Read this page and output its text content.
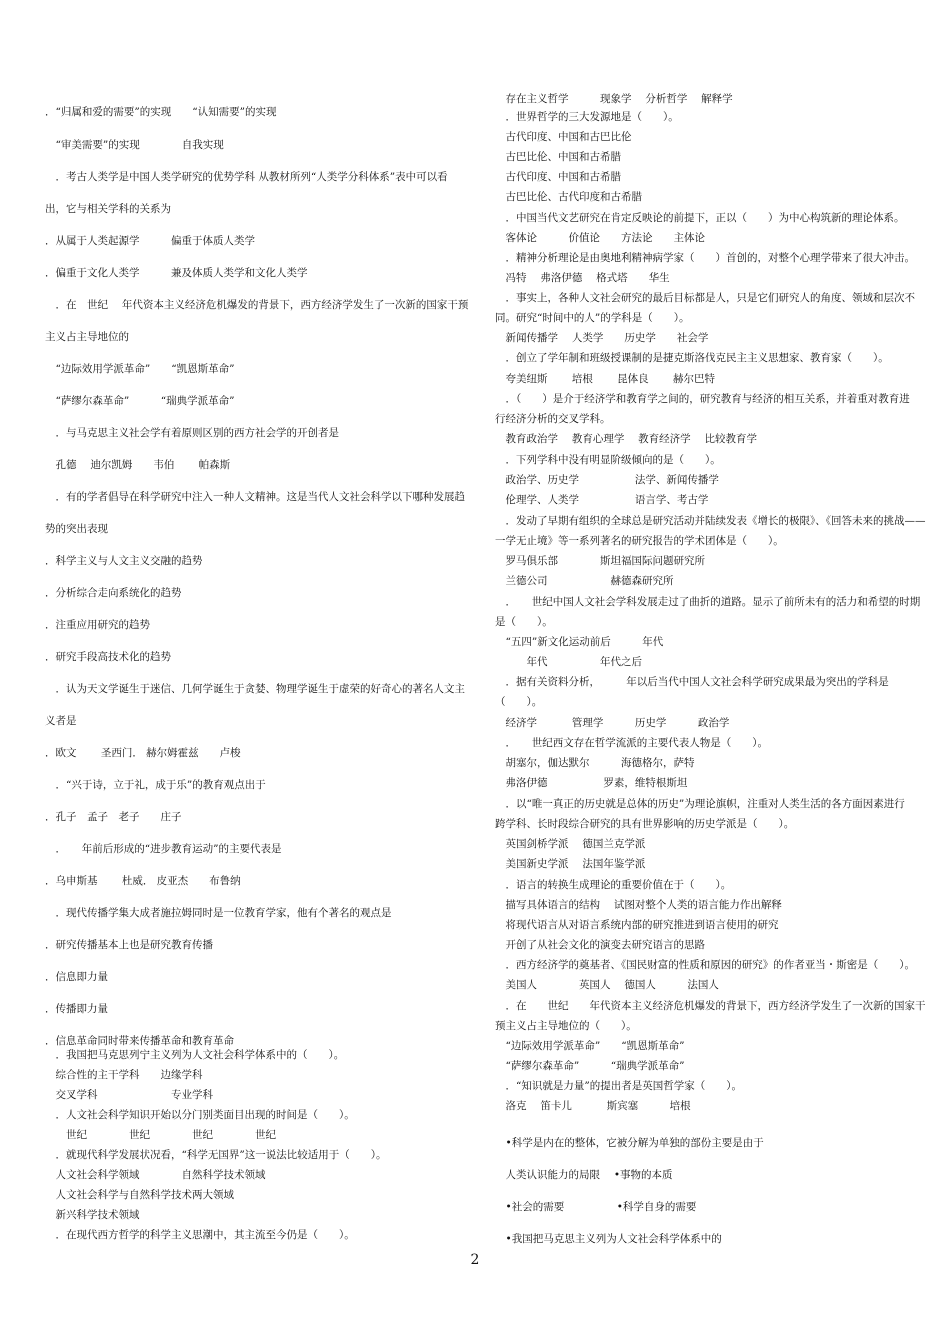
．“归属和爱的需要”的实现　　“认知需要”的实现

　“审美需要”的实现　　　　自我实现

　．考古人类学是中国人类学研究的优势学科 从教材所列“人类学分科体系”表中可以看

出，它与相关学科的关系为

．从属于人类起源学　　　偏重于体质人类学

．偏重于文化人类学　　　兼及体质人类学和文化人类学

　．在　世纪　 年代资本主义经济危机爆发的背景下，西方经济学发生了一次新的国家干预

主义占主导地位的

　“边际效用学派革命”　　“凯恩斯革命”

　“萨缪尔森革命”　　　“瑞典学派革命”

　．与马克思主义社会学有着原则区别的西方社会学的开创者是

　孔德　 迪尔凯姆　　韦伯　　 帕森斯

　．有的学者倡导在科学研究中注入一种人文精神。这是当代人文社会科学以下哪种发展趋

势的突出表现

．科学主义与人文主义交融的趋势

．分析综合走向系统化的趋势

．注重应用研究的趋势

．研究手段高技术化的趋势

　．认为天文学诞生于迷信、几何学诞生于贪婪、物理学诞生于虚荣的好奇心的著名人文主

义者是

．欧文　　 圣西门． 赫尔姆霍兹　　卢梭

　．“兴于诗，立于礼，成于乐”的教育观点出于

．孔子　孟子　老子　　庄子

　．　　年前后形成的“进步教育运动”的主要代表是

．乌申斯基　　 杜威． 皮亚杰　　布鲁纳

　．现代传播学集大成者施拉姆同时是一位教育学家，他有个著名的观点是

．研究传播基本上也是研究教育传播

．信息即力量

．传播即力量

．信息革命同时带来传播革命和教育革命

　．我国把马克思列宁主义列为人文社会科学体系中的（　　）。

　综合性的主干学科　　边缘学科

　交叉学科　　　　　　　专业学科

　．人文社会科学知识开始以分门别类面目出现的时间是（　　）。

　　世纪　　　　世纪　　　　世纪　　　　世纪

　．就现代科学发展状况看，“科学无国界”这一说法比较适用于（　　）。

　人文社会科学领域　　　　自然科学技术领域

　人文社会科学与自然科学技术两大领域

　新兴科学技术领域

　．在现代西方哲学的科学主义思潮中，其主流至今仍是（　　）。

　存在主义哲学　　　现象学　 分析哲学　 解释学

　．世界哲学的三大发源地是（　　）。

　古代印度、中国和古巴比伦

　古巴比伦、中国和古希腊

　古代印度、中国和古希腊

　古巴比伦、古代印度和古希腊

　．中国当代文艺研究在肯定反映论的前提下，正以（　　）为中心构筑新的理论体系。

　客体论　　　价值论　　方法论　　主体论

　．精神分析理论是由奥地利精神病学家（　　）首创的，对整个心理学带来了很大冲击。

　冯特　 弗洛伊德　 格式塔　　华生

　．事实上，各种人文社会研究的最后目标都是人，只是它们研究人的角度、领域和层次不

同。研究“时间中的人”的学科是（　　）。

　新闻传播学　 人类学　　历史学　　社会学

　．创立了学年制和班级授课制的是捷克斯洛伐克民主主义思想家、教育家（　　）。

　夸美纽斯　　 培根　　 昆体良　　 赫尔巴特

　．（　　）是介于经济学和教育学之间的，研究教育与经济的相互关系，并着重对教育进

行经济分析的交叉学科。

　教育政治学　 教育心理学　 教育经济学　 比较教育学

　．下列学科中没有明显阶级倾向的是（　　）。

　政治学、历史学　　　　　 法学、新闻传播学

　伦理学、人类学　　　　　 语言学、考古学

　．发动了早期有组织的全球总是研究活动并陆续发表《增长的极限》、《回答未来的挑战——

一学无止境》等一系列著名的研究报告的学术团体是（　　）。

　罗马俱乐部　　　　斯坦福国际问题研究所

　兰德公司　　　　　　赫德森研究所

　．　　世纪中国人文社会学科发展走过了曲折的道路。显示了前所未有的活力和希望的时期

是（　　）。

　“五四”新文化运动前后　　　年代

　　　年代　　　　　年代之后

　．据有关资料分析，　　　年以后当代中国人文社会科学研究成果最为突出的学科是

（　　）。

　经济学　　　 管理学　　　历史学　　　政治学

　．　　世纪西文存在哲学流派的主要代表人物是（　　）。

　胡塞尔，伽达默尔　　　海德格尔，萨特

　弗洛伊德　　　　　 罗素，维特根斯坦

　．以“唯一真正的历史就是总体的历史”为理论旗帜，注重对人类生活的各方面因素进行

跨学科、长时段综合研究的具有世界影响的历史学派是（　　）。

　英国剑桥学派　 德国兰克学派

　美国新史学派　 法国年鉴学派

　．语言的转换生成理论的重要价值在于（　　）。

　描写具体语言的结构　 试图对整个人类的语言能力作出解释

　将现代语言从对语言系统内部的研究推进到语言使用的研究

　开创了从社会文化的演变去研究语言的思路

　．西方经济学的奠基者、《国民财富的性质和原因的研究》的作者亚当・斯密是（　　）。

　美国人　　　　英国人　 德国人　　　法国人

　．在　　世纪　　年代资本主义经济危机爆发的背景下，西方经济学发生了一次新的国家干

预主义占主导地位的（　　）。

　“边际效用学派革命”　　“凯恩斯革命”

　“萨缪尔森革命”　　　“瑞典学派革命”

　．“知识就是力量”的提出者是英国哲学家（　　）。

　洛克　 笛卡儿　　　 斯宾塞　　　培根

　•科学是内在的整体，它被分解为单独的部份主要是由于

　人类认识能力的局限　 •事物的本质

　•社会的需要　　　　　•科学自身的需要

　•我国把马克思主义列为人文社会科学体系中的

2
